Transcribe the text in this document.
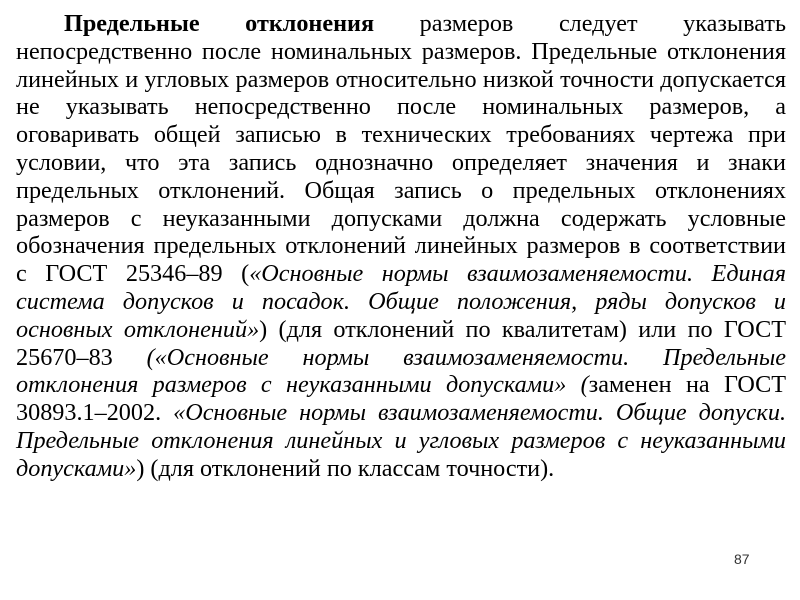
Предельные отклонения размеров следует указывать непосредственно после номинальных размеров. Предельные отклонения линейных и угловых размеров относительно низкой точности допускается не указывать непосредственно после номинальных размеров, а оговаривать общей записью в технических требованиях чертежа при условии, что эта запись однозначно определяет значения и знаки предельных отклонений. Общая запись о предельных отклонениях размеров с неуказанными допусками должна содержать условные обозначения предельных отклонений линейных размеров в соответствии с ГОСТ 25346–89 («Основные нормы взаимозаменяемости. Единая система допусков и посадок. Общие положения, ряды допусков и основных отклонений») (для отклонений по квалитетам) или по ГОСТ 25670–83 («Основные нормы взаимозаменяемости. Предельные отклонения размеров с неуказанными допусками» (заменен на ГОСТ 30893.1–2002. «Основные нормы взаимозаменяемости. Общие допуски. Предельные отклонения линейных и угловых размеров с неуказанными допусками») (для отклонений по классам точности).

87
